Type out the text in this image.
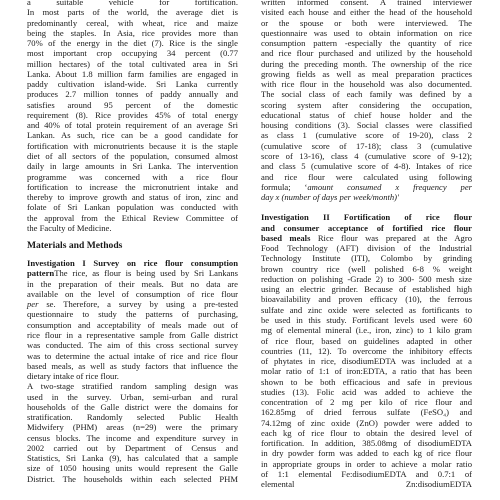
a suitable vehicle for fortification.
In most parts of the world, the average diet is
predominantly cereal, with wheat, rice and maize
being the staples. In Asia, rice provides more than
70% of the energy in the diet (7). Rice is the single
most important crop occupying 34 percent (0.77
million hectares) of the total cultivated area in Sri
Lanka. About 1.8 million farm families are engaged in
paddy cultivation island-wide. Sri Lanka currently
produces 2.7 million tonnes of paddy annually and
satisfies around 95 percent of the domestic
requirement (8). Rice provides 45% of total energy
and 40% of total protein requirement of an average Sri
Lankan. As such, rice can be a good candidate for
fortification with micronutrients because it is the staple
diet of all sectors of the population, consumed almost
daily in large amounts in Sri Lanka. The intervention
programme was concerned with a rice flour
fortification to increase the micronutrient intake and
thereby to improve growth and status of iron, zinc and
folate of Sri Lankan population was conducted with
the approval from the Ethical Review Committee of
the Faculty of Medicine.
Materials and Methods
Investigation I Survey on rice flour consumption
patternThe rice, as flour is being used by Sri Lankans
in the preparation of their meals. But no data are
available on the level of consumption of rice flour
per se. Therefore, a survey by using a pre-tested
questionnaire to study the patterns of purchasing,
consumption and acceptability of meals made out of
rice flour in a representative sample from Galle district
was conducted. The aim of this cross sectional survey
was to determine the actual intake of rice and rice flour
based meals, as well as study factors that influence the
dietary intake of rice flour.
A two-stage stratified random sampling design was
used in the survey. Urban, semi-urban and rural
households of the Galle district were the domains for
stratification. Randomly selected Public Health
Midwifery (PHM) areas (n=29) were the primary
census blocks. The income and expenditure survey in
2002 carried out by Department of Census and
Statistics, Sri Lanka (9), has calculated that a sample
size of 1050 housing units would represent the Galle
District. The households within each selected PHM
written informed consent. A trained interviewer
visited each house and either the head of the household
or the spouse or both were interviewed. The
questionnaire was used to obtain information on rice
consumption pattern -especially the quantity of rice
and rice flour purchased and utilized by the household
during the preceding month. The ownership of the rice
growing fields as well as meal preparation practices
with rice flour in the household was also documented.
The social class of each family was defined by a
scoring system after considering the occupation,
educational status of chief house holder and the
housing conditions (3). Social classes were classified
as class 1 (cumulative score of 19-20), class 2
(cumulative score of 17-18); class 3 (cumulative
score of 13-16), class 4 (cumulative score of 9-12);
and class 5 (cumulative score of 4-8). Intakes of rice
and rice flour were calculated using following
formula; ‘amount consumed x frequency per
day x (number of days per week/month)'
Investigation II Fortification of rice flour
and consumer acceptance of fortified rice flour
based meals Rice flour was prepared at the Agro
Food Technology (AFT) division of the Industrial
Technology Institute (ITI), Colombo by grinding
brown country rice (well polished 6-8 % weight
reduction on polishing -Grade 2) to 300- 500 mesh size
using an electric grinder. Because of established high
bioavailability and proven efficacy (10), the ferrous
sulfate and zinc oxide were selected as fortificants to
be used in this study. Fortificant levels used were 60
mg of elemental mineral (i.e., iron, zinc) to 1 kilo gram
of rice flour, based on guidelines adapted in other
countries (11, 12). To overcome the inhibitory effects
of phytates in rice, disodiumEDTA was included at a
molar ratio of 1:1 of iron:EDTA, a ratio that has been
shown to be both efficacious and safe in previous
studies (13). Folic acid was added to achieve the
concentration of 2 mg per kilo of rice flour and
162.85mg of dried ferrous sulfate (FeSO₄) and
74.12mg of zinc oxide (ZnO) powder were added to
each kg of rice flour to obtain the desired level of
fortification. In addition, 385.08mg of disodiumEDTA
in dry powder form was added to each kg of rice flour
in appropriate groups in order to achieve a molar ratio
of 1:1 elemental Fe:disodiumEDTA and 0.7:1 of
elemental Zn:disodiumEDTA
